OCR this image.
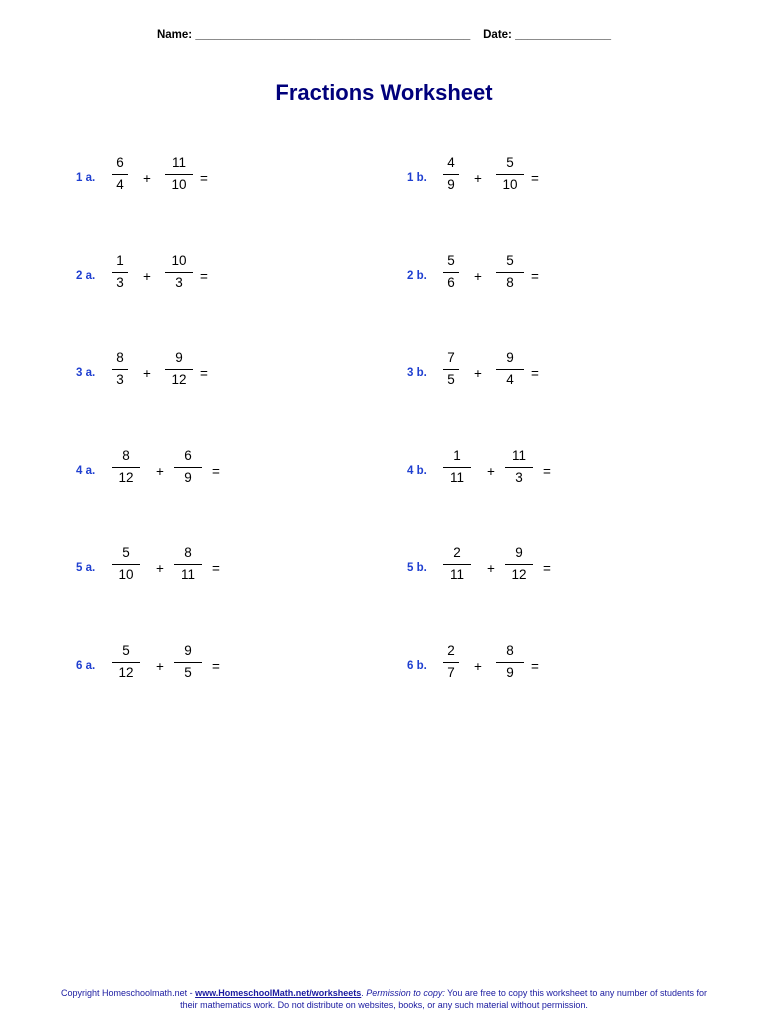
Name: ___________________________________________ Date: _______________
Fractions Worksheet
1 a.
6
4 +
11
10 =	1 b.
4
9 +
5
10 =
2 a.
1
3 +
10
3 =	2 b.
5
6 +
5
8 =
3 a.
8
3 +
9
12 =	3 b.
7
5 +
9
4 =
4 a.
8
12 +
6
9 =	4 b.
1
11 +
11
3 =
5 a.
5
10 +
8
11 =	5 b.
2
11 +
9
12 =
6 a.
5
12 +
9
5 =	6 b.
2
7 +
8
9 =
Copyright Homeschoolmath.net - www.HomeschoolMath.net/worksheets. Permission to copy: You are free to copy this worksheet to any number of students for their mathematics work. Do not distribute on websites, books, or any such material without permission.
